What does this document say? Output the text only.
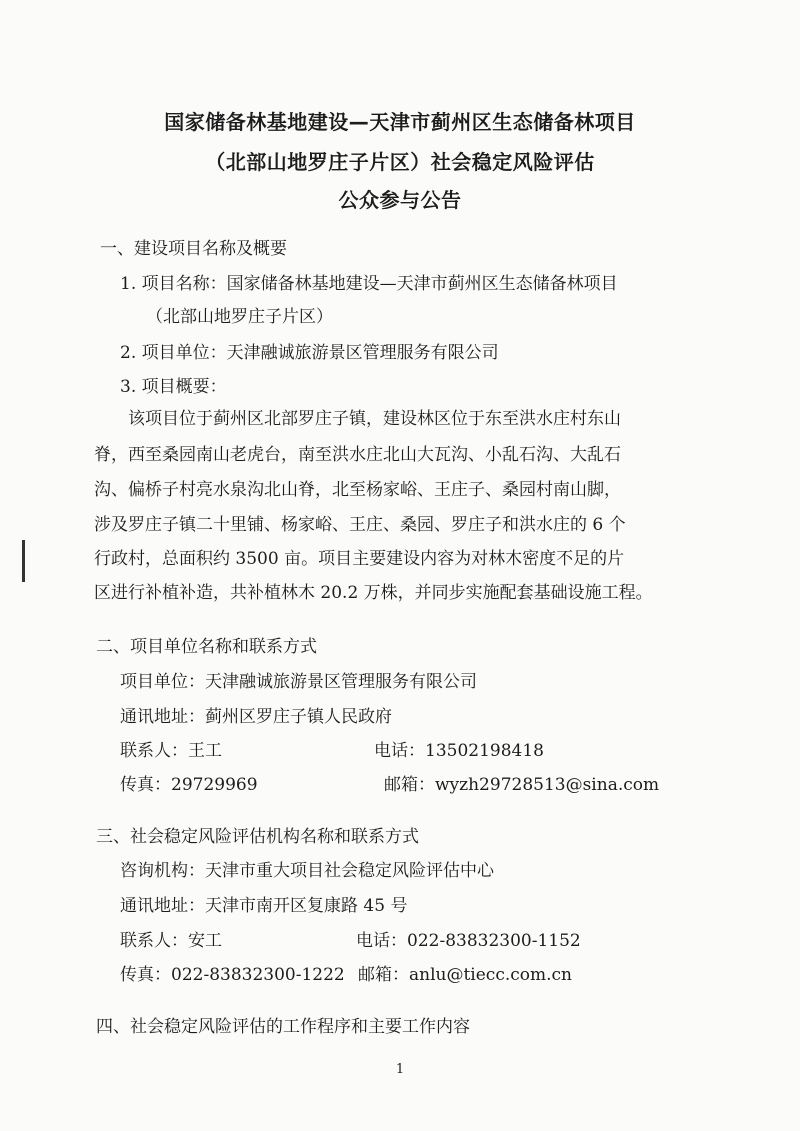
国家储备林基地建设—天津市蓟州区生态储备林项目
（北部山地罗庄子片区）社会稳定风险评估
公众参与公告
一、建设项目名称及概要
1. 项目名称：国家储备林基地建设—天津市蓟州区生态储备林项目
（北部山地罗庄子片区）
2. 项目单位：天津融诚旅游景区管理服务有限公司
3. 项目概要：
该项目位于蓟州区北部罗庄子镇，建设林区位于东至洪水庄村东山
脊，西至桑园南山老虎台，南至洪水庄北山大瓦沟、小乱石沟、大乱石
沟、偏桥子村亮水泉沟北山脊，北至杨家峪、王庄子、桑园村南山脚，
涉及罗庄子镇二十里铺、杨家峪、王庄、桑园、罗庄子和洪水庄的 6 个
行政村，总面积约 3500 亩。项目主要建设内容为对林木密度不足的片
区进行补植补造，共补植林木 20.2 万株，并同步实施配套基础设施工程。
二、项目单位名称和联系方式
项目单位：天津融诚旅游景区管理服务有限公司
通讯地址：蓟州区罗庄子镇人民政府
联系人：王工	电话：13502198418
传真：29729969	邮箱：wyzh29728513@sina.com
三、社会稳定风险评估机构名称和联系方式
咨询机构：天津市重大项目社会稳定风险评估中心
通讯地址：天津市南开区复康路 45 号
联系人：安工	电话：022-83832300-1152
传真：022-83832300-1222 邮箱：anlu@tiecc.com.cn
四、社会稳定风险评估的工作程序和主要工作内容
1
